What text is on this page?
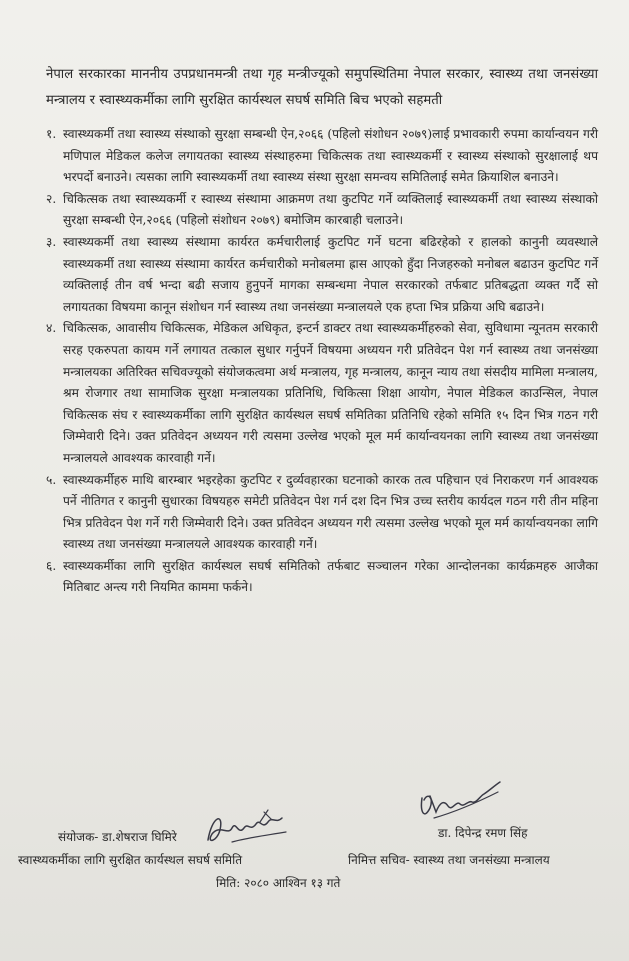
नेपाल सरकारका माननीय उपप्रधानमन्त्री तथा गृह मन्त्रीज्यूको समुपस्थितिमा नेपाल सरकार, स्वास्थ्य तथा जनसंख्या मन्त्रालय र स्वास्थ्यकर्मीका लागि सुरक्षित कार्यस्थल सघर्ष समिति बिच भएको सहमती
१. स्वास्थ्यकर्मी तथा स्वास्थ्य संस्थाको सुरक्षा सम्बन्धी ऐन,२०६६ (पहिलो संशोधन २०७९)लाई प्रभावकारी रुपमा कार्यान्वयन गरी मणिपाल मेडिकल कलेज लगायतका स्वास्थ्य संस्थाहरुमा चिकित्सक तथा स्वास्थ्यकर्मी र स्वास्थ्य संस्थाको सुरक्षालाई थप भरपर्दो बनाउने। त्यसका लागि स्वास्थ्यकर्मी तथा स्वास्थ्य संस्था सुरक्षा समन्वय समितिलाई समेत क्रियाशिल बनाउने।
२. चिकित्सक तथा स्वास्थ्यकर्मी र स्वास्थ्य संस्थामा आक्रमण तथा कुटपिट गर्ने व्यक्तिलाई स्वास्थ्यकर्मी तथा स्वास्थ्य संस्थाको सुरक्षा सम्बन्धी ऐन,२०६६ (पहिलो संशोधन २०७९) बमोजिम कारबाही चलाउने।
३. स्वास्थ्यकर्मी तथा स्वास्थ्य संस्थामा कार्यरत कर्मचारीलाई कुटपिट गर्ने घटना बढिरहेको र हालको कानुनी व्यवस्थाले स्वास्थ्यकर्मी तथा स्वास्थ्य संस्थामा कार्यरत कर्मचारीको मनोबलमा ह्रास आएको हुँदा निजहरुको मनोबल बढाउन कुटपिट गर्ने व्यक्तिलाई तीन वर्ष भन्दा बढी सजाय हुनुपर्ने मागका सम्बन्धमा नेपाल सरकारको तर्फबाट प्रतिबद्धता व्यक्त गर्दै सो लगायतका विषयमा कानून संशोधन गर्न स्वास्थ्य तथा जनसंख्या मन्त्रालयले एक हप्ता भित्र प्रक्रिया अघि बढाउने।
४. चिकित्सक, आवासीय चिकित्सक, मेडिकल अधिकृत, इन्टर्न डाक्टर तथा स्वास्थ्यकर्मीहरुको सेवा, सुविधामा न्यूनतम सरकारी सरह एकरुपता कायम गर्ने लगायत तत्काल सुधार गर्नुपर्ने विषयमा अध्ययन गरी प्रतिवेदन पेश गर्न स्वास्थ्य तथा जनसंख्या मन्त्रालयका अतिरिक्त सचिवज्यूको संयोजकत्वमा अर्थ मन्त्रालय, गृह मन्त्रालय, कानून न्याय तथा संसदीय मामिला मन्त्रालय, श्रम रोजगार तथा सामाजिक सुरक्षा मन्त्रालयका प्रतिनिधि, चिकित्सा शिक्षा आयोग, नेपाल मेडिकल काउन्सिल, नेपाल चिकित्सक संघ र स्वास्थ्यकर्मीका लागि सुरक्षित कार्यस्थल सघर्ष समितिका प्रतिनिधि रहेको समिति १५ दिन भित्र गठन गरी जिम्मेवारी दिने। उक्त प्रतिवेदन अध्ययन गरी त्यसमा उल्लेख भएको मूल मर्म कार्यान्वयनका लागि स्वास्थ्य तथा जनसंख्या मन्त्रालयले आवश्यक कारवाही गर्ने।
५. स्वास्थ्यकर्मीहरु माथि बारम्बार भइरहेका कुटपिट र दुर्व्यवहारका घटनाको कारक तत्व पहिचान एवं निराकरण गर्न आवश्यक पर्ने नीतिगत र कानुनी सुधारका विषयहरु समेटी प्रतिवेदन पेश गर्न दश दिन भित्र उच्च स्तरीय कार्यदल गठन गरी तीन महिना भित्र प्रतिवेदन पेश गर्ने गरी जिम्मेवारी दिने। उक्त प्रतिवेदन अध्ययन गरी त्यसमा उल्लेख भएको मूल मर्म कार्यान्वयनका लागि स्वास्थ्य तथा जनसंख्या मन्त्रालयले आवश्यक कारवाही गर्ने।
६. स्वास्थ्यकर्मीका लागि सुरक्षित कार्यस्थल सघर्ष समितिको तर्फबाट सञ्चालन गरेका आन्दोलनका कार्यक्रमहरु आजैका मितिबाट अन्त्य गरी नियमित काममा फर्कने।
संयोजक- डा.शेषराज घिमिरे
स्वास्थ्यकर्मीका लागि सुरक्षित कार्यस्थल सघर्ष समिति
डा. दिपेन्द्र रमण सिंह
निमित्त सचिव- स्वास्थ्य तथा जनसंख्या मन्त्रालय
मिति: २०८० आश्विन १३ गते
